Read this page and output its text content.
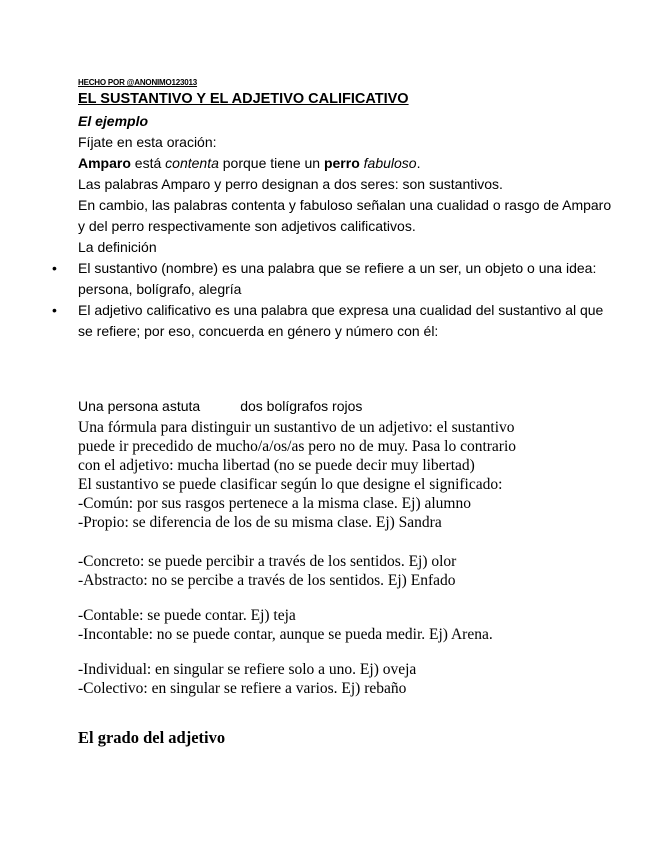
HECHO POR @ANONIMO123013
EL SUSTANTIVO Y EL ADJETIVO CALIFICATIVO

El ejemplo

Fíjate en esta oración:

Amparo está contenta porque tiene un perro fabuloso.

Las palabras Amparo y perro designan a dos seres: son sustantivos.

En cambio, las palabras contenta y fabuloso señalan una cualidad o rasgo de Amparo y del perro respectivamente son adjetivos calificativos.

La definición

• El sustantivo (nombre) es una palabra que se refiere a un ser, un objeto o una idea: persona, bolígrafo, alegría

• El adjetivo calificativo es una palabra que expresa una cualidad del sustantivo al que se refiere; por eso, concuerda en género y número con él:

Una persona astuta	dos bolígrafos rojos

Una fórmula para distinguir un sustantivo de un adjetivo: el sustantivo

puede ir precedido de mucho/a/os/as pero no de muy. Pasa lo contrario

con el adjetivo: mucha libertad (no se puede decir muy libertad)

El sustantivo se puede clasificar según lo que designe el significado:

-Común: por sus rasgos pertenece a la misma clase. Ej) alumno

-Propio: se diferencia de los de su misma clase. Ej) Sandra

-Concreto: se puede percibir a través de los sentidos. Ej) olor

-Abstracto: no se percibe a través de los sentidos. Ej) Enfado

-Contable: se puede contar. Ej) teja

-Incontable: no se puede contar, aunque se pueda medir. Ej) Arena.

-Individual: en singular se refiere solo a uno. Ej) oveja

-Colectivo: en singular se refiere a varios. Ej) rebaño

El grado del adjetivo
